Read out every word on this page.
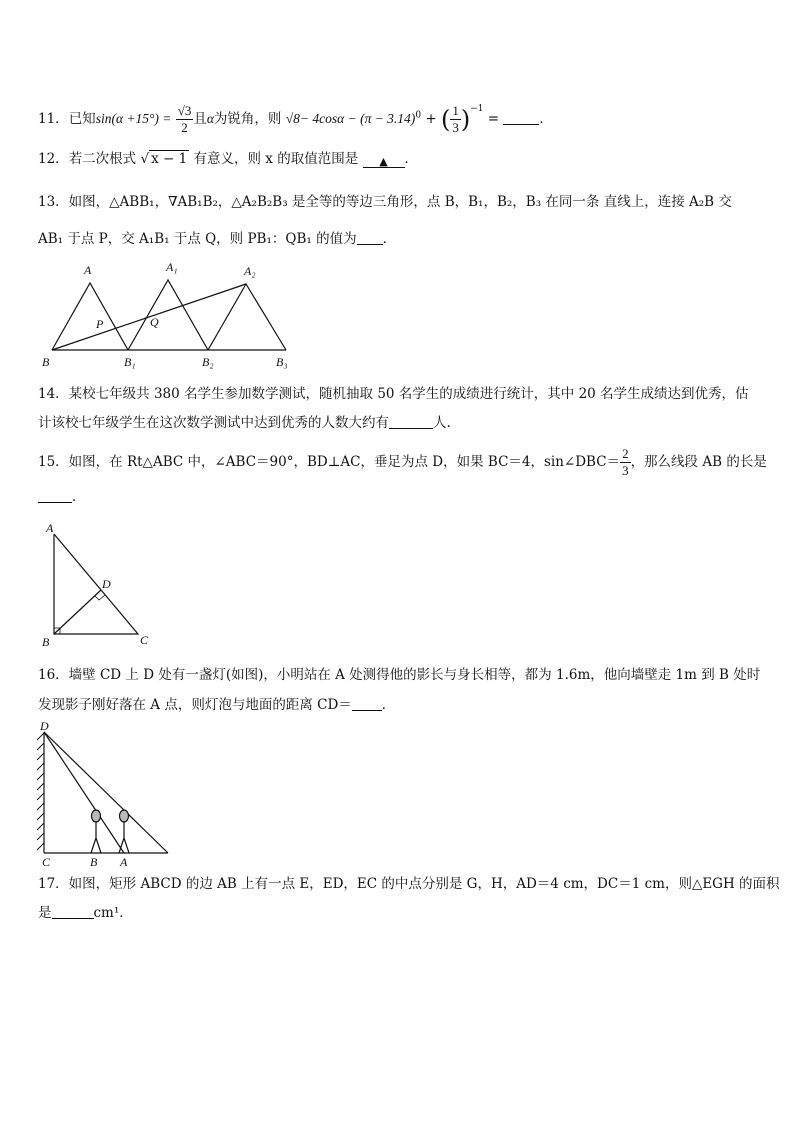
11．已知$\sin(\alpha +15^\circ) = \frac{√3}{2}$ 且α为锐角，则 $√8- 4\cos\alpha - (\pi - 3.14)^0$ + ( $\frac{1}{3} )^{-1}$ =	．
12．若二次根式 √ x − 1 有意义，则 x 的取值范围是 ▲ ．
13．如图，△ABB₁，∇AB₁B₂，△A₂B₂B₃ 是全等的等边三角形，点 B，B₁，B₂，B₃ 在同一条 直线上，连接 A₂B 交
AB₁ 于点 P，交 A₁B₁ 于点 Q，则 PB₁：QB₁ 的值为 ．
A	A₁	A₂
B	B₁	B₂	B₃
P	Q
14．某校七年级共 380 名学生参加数学测试，随机抽取 50 名学生的成绩进行统计，其中 20 名学生成绩达到优秀，估
计该校七年级学生在这次数学测试中达到优秀的人数大约有	人.
15．如图，在 Rt△ABC 中，∠ABC＝90°，BD⊥AC，垂足为点 D，如果 BC＝4，sin∠DBC＝ $\frac{2}{3}$ ，那么线段 AB 的长是
．
A
B	C
D
16．墙壁 CD 上 D 处有一盏灯(如图)，小明站在 A 处测得他的影长与身长相等，都为 1.6m，他向墙壁走 1m 到 B 处时
发现影子刚好落在 A 点，则灯泡与地面的距离 CD＝ ．
D
C	B A
17．如图，矩形 ABCD 的边 AB 上有一点 E，ED，EC 的中点分别是 G，H，AD＝4 cm，DC＝1 cm，则△EGH 的面积
是	cm¹．
